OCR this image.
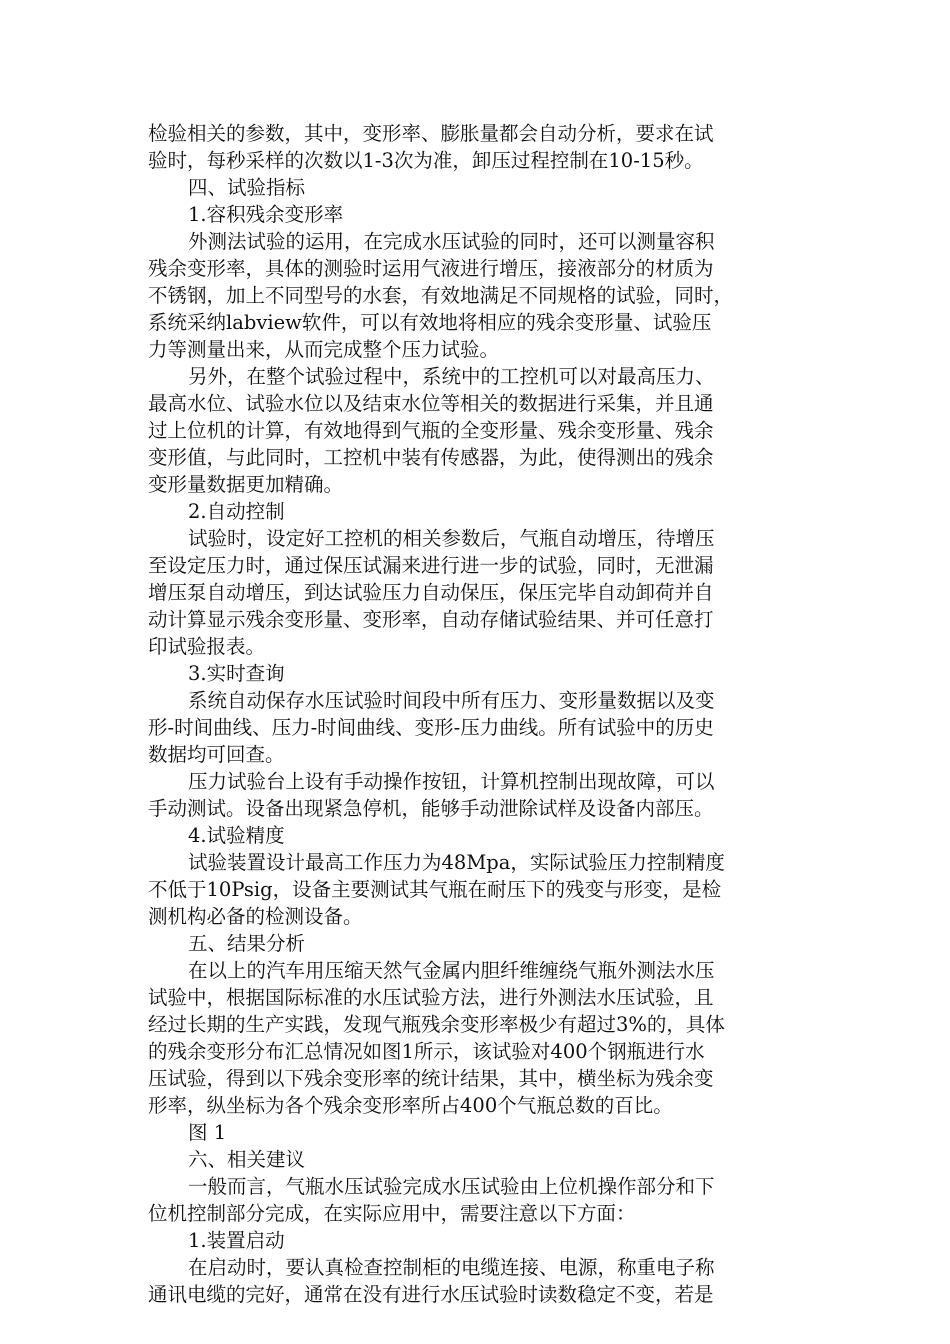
检验相关的参数，其中，变形率、膨胀量都会自动分析，要求在试
验时，每秒采样的次数以1-3次为准，卸压过程控制在10-15秒。

四、试验指标

1.容积残余变形率

外测法试验的运用，在完成水压试验的同时，还可以测量容积
残余变形率，具体的测验时运用气液进行增压，接液部分的材质为
不锈钢，加上不同型号的水套，有效地满足不同规格的试验，同时，
系统采纳labview软件，可以有效地将相应的残余变形量、试验压
力等测量出来，从而完成整个压力试验。

另外，在整个试验过程中，系统中的工控机可以对最高压力、
最高水位、试验水位以及结束水位等相关的数据进行采集，并且通
过上位机的计算，有效地得到气瓶的全变形量、残余变形量、残余
变形值，与此同时，工控机中装有传感器，为此，使得测出的残余
变形量数据更加精确。

2.自动控制

试验时，设定好工控机的相关参数后，气瓶自动增压，待增压
至设定压力时，通过保压试漏来进行进一步的试验，同时，无泄漏
增压泵自动增压，到达试验压力自动保压，保压完毕自动卸荷并自
动计算显示残余变形量、变形率，自动存储试验结果、并可任意打
印试验报表。

3.实时查询

系统自动保存水压试验时间段中所有压力、变形量数据以及变
形-时间曲线、压力-时间曲线、变形-压力曲线。所有试验中的历史
数据均可回查。

压力试验台上设有手动操作按钮，计算机控制出现故障，可以
手动测试。设备出现紧急停机，能够手动泄除试样及设备内部压。

4.试验精度

试验装置设计最高工作压力为48Mpa，实际试验压力控制精度
不低于10Psig，设备主要测试其气瓶在耐压下的残变与形变，是检
测机构必备的检测设备。

五、结果分析

在以上的汽车用压缩天然气金属内胆纤维缠绕气瓶外测法水压
试验中，根据国际标准的水压试验方法，进行外测法水压试验，且
经过长期的生产实践，发现气瓶残余变形率极少有超过3%的，具体
的残余变形分布汇总情况如图1所示，该试验对400个钢瓶进行水
压试验，得到以下残余变形率的统计结果，其中，横坐标为残余变
形率，纵坐标为各个残余变形率所占400个气瓶总数的百比。

图 1

六、相关建议

一般而言，气瓶水压试验完成水压试验由上位机操作部分和下
位机控制部分完成，在实际应用中，需要注意以下方面：

1.装置启动

在启动时，要认真检查控制柜的电缆连接、电源，称重电子称
通讯电缆的完好，通常在没有进行水压试验时读数稳定不变，若是
